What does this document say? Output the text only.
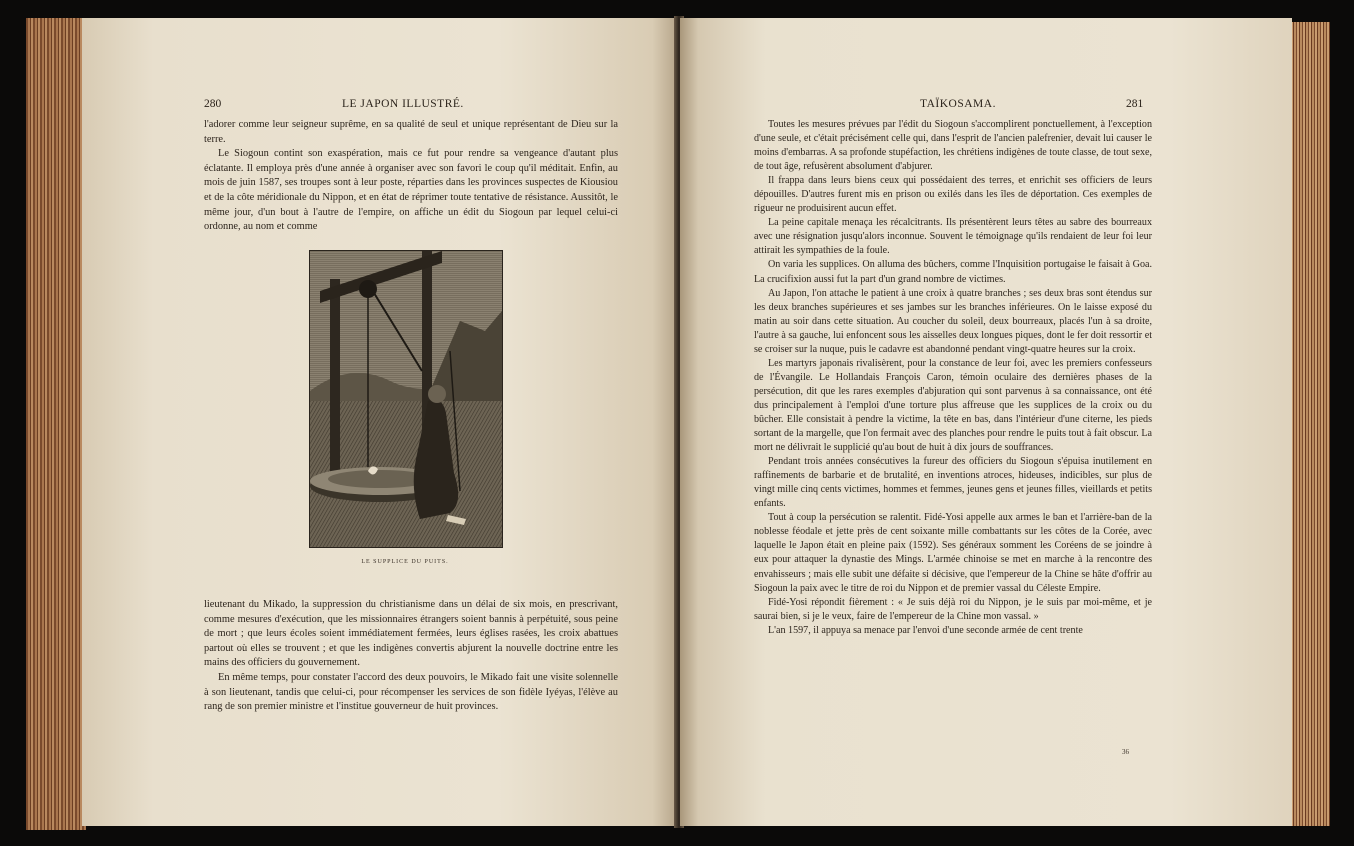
280	LE JAPON ILLUSTRÉ.

l'adorer comme leur seigneur suprême, en sa qualité de seul et unique représentant de Dieu sur la terre.

Le Siogoun contint son exaspération, mais ce fut pour rendre sa vengeance d'autant plus éclatante. Il employa près d'une année à organiser avec son favori le coup qu'il méditait. Enfin, au mois de juin 1587, ses troupes sont à leur poste, réparties dans les provinces suspectes de Kiousiou et de la côte méridionale du Nippon, et en état de réprimer toute tentative de résistance. Aussitôt, le même jour, d'un bout à l'autre de l'empire, on affiche un édit du Siogoun par lequel celui-ci ordonne, au nom et comme

LE SUPPLICE DU PUITS.

lieutenant du Mikado, la suppression du christianisme dans un délai de six mois, en prescrivant, comme mesures d'exécution, que les missionnaires étrangers soient bannis à perpétuité, sous peine de mort ; que leurs écoles soient immédiatement fermées, leurs églises rasées, les croix abattues partout où elles se trouvent ; et que les indigènes convertis abjurent la nouvelle doctrine entre les mains des officiers du gouvernement.

En même temps, pour constater l'accord des deux pouvoirs, le Mikado fait une visite solennelle à son lieutenant, tandis que celui-ci, pour récompenser les services de son fidèle Iyéyas, l'élève au rang de son premier ministre et l'institue gouverneur de huit provinces.

TAÏKOSAMA.	281

Toutes les mesures prévues par l'édit du Siogoun s'accomplirent ponctuellement, à l'exception d'une seule, et c'était précisément celle qui, dans l'esprit de l'ancien palefrenier, devait lui causer le moins d'embarras. A sa profonde stupéfaction, les chrétiens indigènes de toute classe, de tout sexe, de tout âge, refusèrent absolument d'abjurer.

Il frappa dans leurs biens ceux qui possédaient des terres, et enrichit ses officiers de leurs dépouilles. D'autres furent mis en prison ou exilés dans les îles de déportation. Ces exemples de rigueur ne produisirent aucun effet.

La peine capitale menaça les récalcitrants. Ils présentèrent leurs têtes au sabre des bourreaux avec une résignation jusqu'alors inconnue. Souvent le témoignage qu'ils rendaient de leur foi leur attirait les sympathies de la foule.

On varia les supplices. On alluma des bûchers, comme l'Inquisition portugaise le faisait à Goa. La crucifixion aussi fut la part d'un grand nombre de victimes.

Au Japon, l'on attache le patient à une croix à quatre branches ; ses deux bras sont étendus sur les deux branches supérieures et ses jambes sur les branches inférieures. On le laisse exposé du matin au soir dans cette situation. Au coucher du soleil, deux bourreaux, placés l'un à sa droite, l'autre à sa gauche, lui enfoncent sous les aisselles deux longues piques, dont le fer doit ressortir et se croiser sur la nuque, puis le cadavre est abandonné pendant vingt-quatre heures sur la croix.

Les martyrs japonais rivalisèrent, pour la constance de leur foi, avec les premiers confesseurs de l'Évangile. Le Hollandais François Caron, témoin oculaire des dernières phases de la persécution, dit que les rares exemples d'abjuration qui sont parvenus à sa connaissance, ont été dus principalement à l'emploi d'une torture plus affreuse que les supplices de la croix ou du bûcher. Elle consistait à pendre la victime, la tête en bas, dans l'intérieur d'une citerne, les pieds sortant de la margelle, que l'on fermait avec des planches pour rendre le puits tout à fait obscur. La mort ne délivrait le supplicié qu'au bout de huit à dix jours de souffrances.

Pendant trois années consécutives la fureur des officiers du Siogoun s'épuisa inutilement en raffinements de barbarie et de brutalité, en inventions atroces, hideuses, indicibles, sur plus de vingt mille cinq cents victimes, hommes et femmes, jeunes gens et jeunes filles, vieillards et petits enfants.

Tout à coup la persécution se ralentit. Fidé-Yosi appelle aux armes le ban et l'arrière-ban de la noblesse féodale et jette près de cent soixante mille combattants sur les côtes de la Corée, avec laquelle le Japon était en pleine paix (1592). Ses généraux somment les Coréens de se joindre à eux pour attaquer la dynastie des Mings. L'armée chinoise se met en marche à la rencontre des envahisseurs ; mais elle subit une défaite si décisive, que l'empereur de la Chine se hâte d'offrir au Siogoun la paix avec le titre de roi du Nippon et de premier vassal du Céleste Empire.

Fidé-Yosi répondit fièrement : « Je suis déjà roi du Nippon, je le suis par moi-même, et je saurai bien, si je le veux, faire de l'empereur de la Chine mon vassal. »

L'an 1597, il appuya sa menace par l'envoi d'une seconde armée de cent trente

36
